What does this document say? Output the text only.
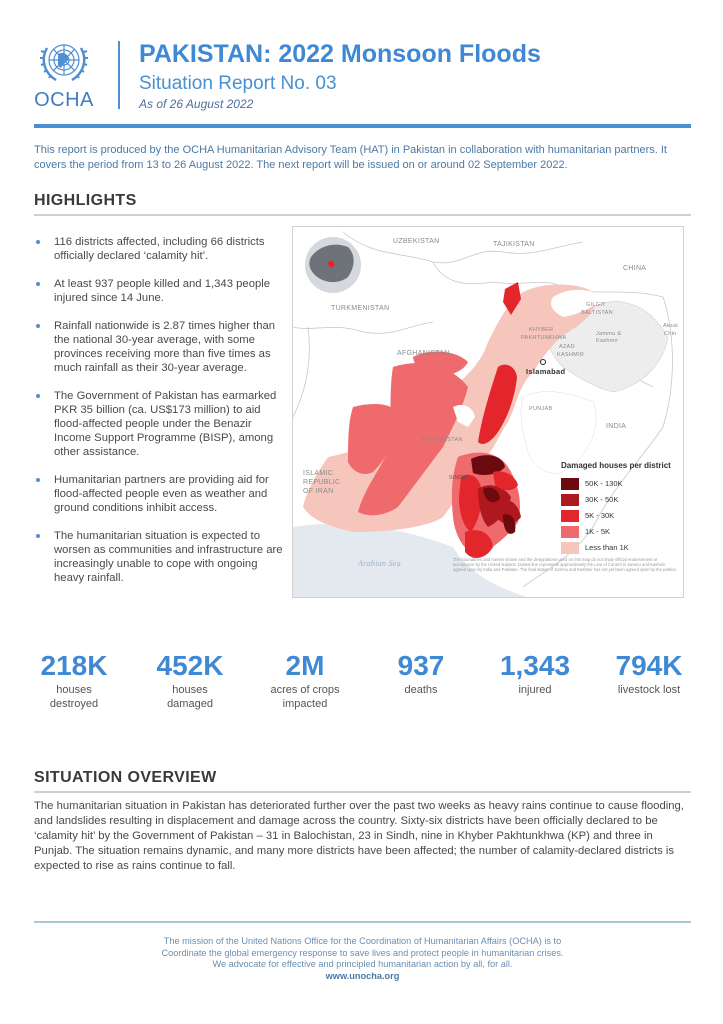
OCHA
PAKISTAN: 2022 Monsoon Floods
Situation Report No. 03
As of 26 August 2022

This report is produced by the OCHA Humanitarian Advisory Team (HAT) in Pakistan in collaboration with humanitarian partners. It covers the period from 13 to 26 August 2022. The next report will be issued on or around 02 September 2022.

HIGHLIGHTS
116 districts affected, including 66 districts officially declared ‘calamity hit’.
At least 937 people killed and 1,343 people injured since 14 June.
Rainfall nationwide is 2.87 times higher than the national 30-year average, with some provinces receiving more than five times as much rainfall as their 30-year average.
The Government of Pakistan has earmarked PKR 35 billion (ca. US$173 million) to aid flood-affected people under the Benazir Income Support Programme (BISP), among other assistance.
Humanitarian partners are providing aid for flood-affected people even as weather and ground conditions inhibit access.
The humanitarian situation is expected to worsen as communities and infrastructure are increasingly unable to cope with ongoing heavy rainfall.
UZBEKISTAN	TAJIKISTAN
CHINA
TURKMENISTAN	GILGIT
BALTISTAN
Aksai
Chin
KHYBER
PAKHTUNKHWA
Jammu &
Kashmir
AFGHANISTAN
AZAD
KASHMIR
Islamabad
PUNJAB
INDIA
BALOCHISTAN
ISLAMIC
REPUBLIC
OF IRAN
SINDH
Arabian Sea
Damaged houses per district
50K - 130K
30K - 50K
5K - 30K
1K - 5K
Less than 1K
The boundaries and names shown and the designations used on this map do not imply official endorsement or acceptance by the United Nations. Dotted line represents approximately the Line of Control in Jammu and Kashmir agreed upon by India and Pakistan. The final status of Jammu and Kashmir has not yet been agreed upon by the parties.
218K
houses
destroyed
452K
houses
damaged
2M
acres of crops
impacted
937
deaths
1,343
injured
794K
livestock lost
SITUATION OVERVIEW

The humanitarian situation in Pakistan has deteriorated further over the past two weeks as heavy rains continue to cause flooding, and landslides resulting in displacement and damage across the country. Sixty-six districts have been officially declared to be ‘calamity hit’ by the Government of Pakistan – 31 in Balochistan, 23 in Sindh, nine in Khyber Pakhtunkhwa (KP) and three in Punjab. The situation remains dynamic, and many more districts have been affected; the number of calamity-declared districts is expected to rise as rains continue to fall.

The mission of the United Nations Office for the Coordination of Humanitarian Affairs (OCHA) is to
Coordinate the global emergency response to save lives and protect people in humanitarian crises.
We advocate for effective and principled humanitarian action by all, for all.
www.unocha.org
